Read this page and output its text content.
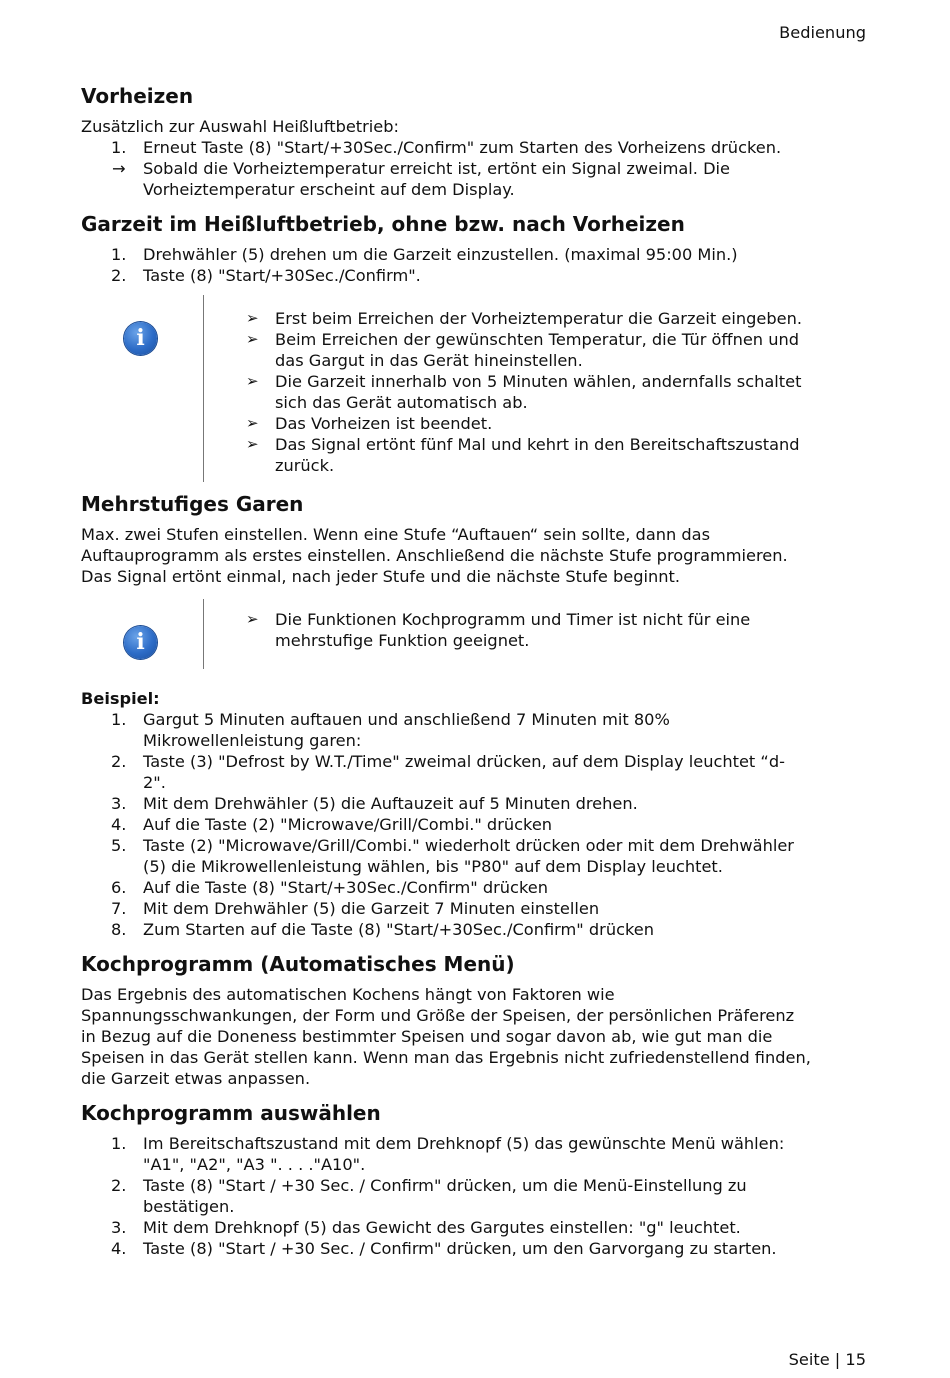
Bedienung
Vorheizen

Zusätzlich zur Auswahl Heißluftbetrieb:

1. Erneut Taste (8) "Start/+30Sec./Confirm" zum Starten des Vorheizens drücken.
→ Sobald die Vorheiztemperatur erreicht ist, ertönt ein Signal zweimal. Die
Vorheiztemperatur erscheint auf dem Display.
Garzeit im Heißluftbetrieb, ohne bzw. nach Vorheizen
1. Drehwähler (5) drehen um die Garzeit einzustellen. (maximal 95:00 Min.)
2. Taste (8) "Start/+30Sec./Confirm".
i
➢ Erst beim Erreichen der Vorheiztemperatur die Garzeit eingeben.
➢ Beim Erreichen der gewünschten Temperatur, die Tür öffnen und
das Gargut in das Gerät hineinstellen.
➢ Die Garzeit innerhalb von 5 Minuten wählen, andernfalls schaltet
sich das Gerät automatisch ab.
➢ Das Vorheizen ist beendet.
➢ Das Signal ertönt fünf Mal und kehrt in den Bereitschaftszustand
zurück.
Mehrstufiges Garen

Max. zwei Stufen einstellen. Wenn eine Stufe “Auftauen“ sein sollte, dann das
Auftauprogramm als erstes einstellen. Anschließend die nächste Stufe programmieren.
Das Signal ertönt einmal, nach jeder Stufe und die nächste Stufe beginnt.

i
➢ Die Funktionen Kochprogramm und Timer ist nicht für eine
mehrstufige Funktion geeignet.

Beispiel:

1. Gargut 5 Minuten auftauen und anschließend 7 Minuten mit 80%
Mikrowellenleistung garen:
2. Taste (3) "Defrost by W.T./Time" zweimal drücken, auf dem Display leuchtet “d-
2".
3. Mit dem Drehwähler (5) die Auftauzeit auf 5 Minuten drehen.
4. Auf die Taste (2) "Microwave/Grill/Combi." drücken
5. Taste (2) "Microwave/Grill/Combi." wiederholt drücken oder mit dem Drehwähler
(5) die Mikrowellenleistung wählen, bis "P80" auf dem Display leuchtet.
6. Auf die Taste (8) "Start/+30Sec./Confirm" drücken
7. Mit dem Drehwähler (5) die Garzeit 7 Minuten einstellen
8. Zum Starten auf die Taste (8) "Start/+30Sec./Confirm" drücken
Kochprogramm (Automatisches Menü)

Das Ergebnis des automatischen Kochens hängt von Faktoren wie
Spannungsschwankungen, der Form und Größe der Speisen, der persönlichen Präferenz
in Bezug auf die Doneness bestimmter Speisen und sogar davon ab, wie gut man die
Speisen in das Gerät stellen kann. Wenn man das Ergebnis nicht zufriedenstellend finden,
die Garzeit etwas anpassen.

Kochprogramm auswählen
1. Im Bereitschaftszustand mit dem Drehknopf (5) das gewünschte Menü wählen:
"A1", "A2", "A3 ". . . ."A10".
2. Taste (8) "Start / +30 Sec. / Confirm" drücken, um die Menü-Einstellung zu
bestätigen.
3. Mit dem Drehknopf (5) das Gewicht des Gargutes einstellen: "g" leuchtet.
4. Taste (8) "Start / +30 Sec. / Confirm" drücken, um den Garvorgang zu starten.
Seite | 15
